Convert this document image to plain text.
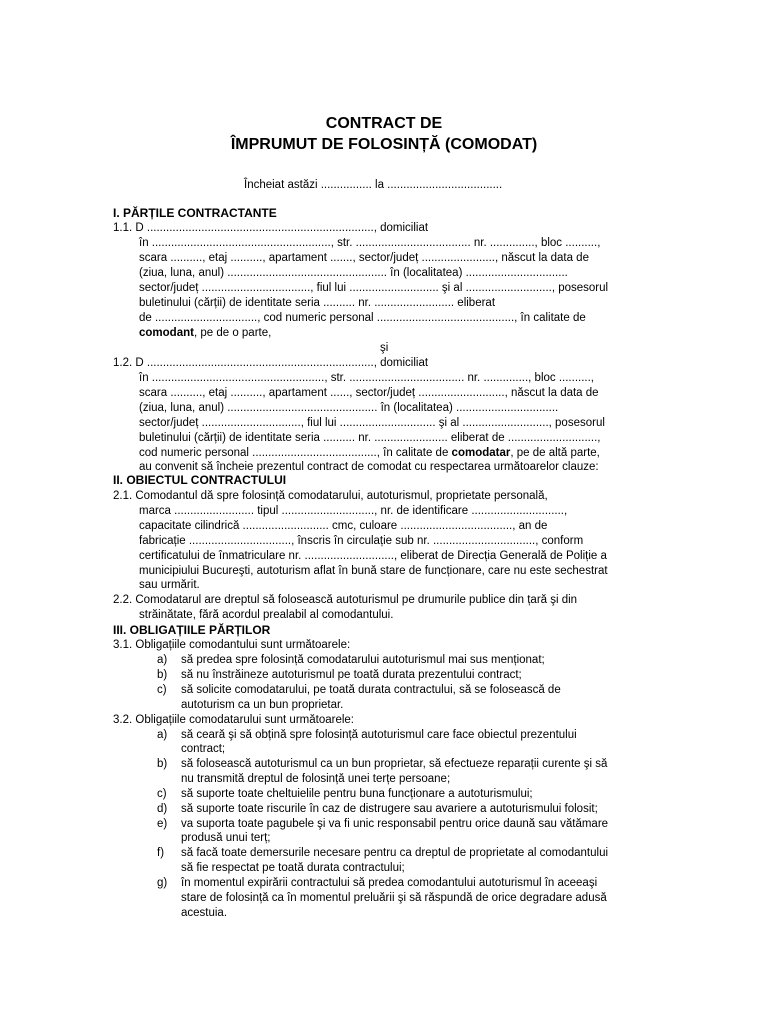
CONTRACT DE
ÎMPRUMUT DE FOLOSINȚĂ (COMODAT)
Încheiat astăzi ................ la ....................................
I. PĂRȚILE CONTRACTANTE
1.1. D ......................................................................., domiciliat
în ........................................................, str. .................................... nr. .............., bloc ..........,
scara .........., etaj .........., apartament ......., sector/județ ......................., născut la data de
(ziua, luna, anul) .................................................. în (localitatea) ................................
sector/județ .................................., fiul lui ............................ şi al ..........................., posesorul
buletinului (cărții) de identitate seria .......... nr. ......................... eliberat
de ................................, cod numeric personal ..........................................., în calitate de
comodant, pe de o parte,
şi
1.2. D ......................................................................., domiciliat
în ......................................................, str. .................................... nr. .............., bloc ..........,
scara .........., etaj .........., apartament ......, sector/județ ..........................., născut la data de
(ziua, luna, anul) ............................................... în (localitatea) ................................
sector/județ ..............................., fiul lui .............................. şi al ..........................., posesorul
buletinului (cărții) de identitate seria .......... nr. ....................... eliberat de ............................,
cod numeric personal ......................................., în calitate de comodatar, pe de altă parte,
au convenit să încheie prezentul contract de comodat cu respectarea următoarelor clauze:
II. OBIECTUL CONTRACTULUI
2.1. Comodantul dă spre folosință comodatarului, autoturismul, proprietate personală,
marca ......................... tipul ............................., nr. de identificare .............................,
capacitate cilindrică ........................... cmc, culoare ..................................., an de
fabricație ................................, înscris în circulație sub nr. ................................, conform
certificatului de înmatriculare nr. ............................, eliberat de Direcția Generală de Poliție a
municipiului Bucureşti, autoturism aflat în bună stare de funcționare, care nu este sechestrat
sau urmărit.
2.2. Comodatarul are dreptul să folosească autoturismul pe drumurile publice din țară şi din
străinătate, fără acordul prealabil al comodantului.
III. OBLIGAȚIILE PĂRȚILOR
3.1. Obligațiile comodantului sunt următoarele:
a) să predea spre folosință comodatarului autoturismul mai sus menționat;
b) să nu înstrăineze autoturismul pe toată durata prezentului contract;
c) să solicite comodatarului, pe toată durata contractului, să se folosească de
autoturism ca un bun proprietar.
3.2. Obligațiile comodatarului sunt următoarele:
a) să ceară şi să obțină spre folosință autoturismul care face obiectul prezentului
contract;
b) să folosească autoturismul ca un bun proprietar, să efectueze reparații curente şi să
nu transmită dreptul de folosință unei terțe persoane;
c) să suporte toate cheltuielile pentru buna funcționare a autoturismului;
d) să suporte toate riscurile în caz de distrugere sau avariere a autoturismului folosit;
e) va suporta toate pagubele şi va fi unic responsabil pentru orice daună sau vătămare
produsă unui terț;
f) să facă toate demersurile necesare pentru ca dreptul de proprietate al comodantului
să fie respectat pe toată durata contractului;
g) în momentul expirării contractului să predea comodantului autoturismul în aceeaşi
stare de folosință ca în momentul preluării şi să răspundă de orice degradare adusă
acestuia.
